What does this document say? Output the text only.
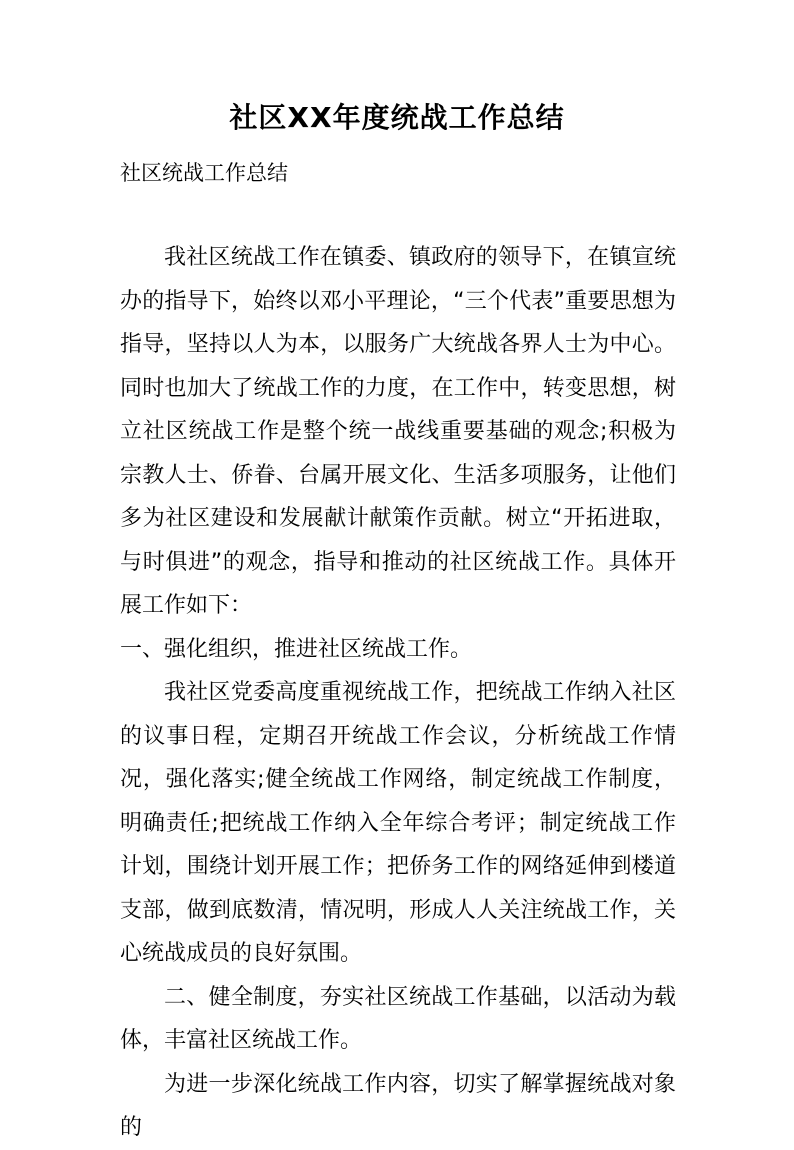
社区XX年度统战工作总结
社区统战工作总结

我社区统战工作在镇委、镇政府的领导下，在镇宣统办的指导下，始终以邓小平理论，“三个代表”重要思想为指导，坚持以人为本，以服务广大统战各界人士为中心。同时也加大了统战工作的力度，在工作中，转变思想，树立社区统战工作是整个统一战线重要基础的观念;积极为宗教人士、侨眷、台属开展文化、生活多项服务，让他们多为社区建设和发展献计献策作贡献。树立“开拓进取，与时俱进”的观念，指导和推动的社区统战工作。具体开展工作如下：

一、强化组织，推进社区统战工作。

我社区党委高度重视统战工作，把统战工作纳入社区的议事日程，定期召开统战工作会议，分析统战工作情况，强化落实;健全统战工作网络，制定统战工作制度，明确责任;把统战工作纳入全年综合考评；制定统战工作计划，围绕计划开展工作；把侨务工作的网络延伸到楼道支部，做到底数清，情况明，形成人人关注统战工作，关心统战成员的良好氛围。

二、健全制度，夯实社区统战工作基础，以活动为载体，丰富社区统战工作。

为进一步深化统战工作内容，切实了解掌握统战对象的
